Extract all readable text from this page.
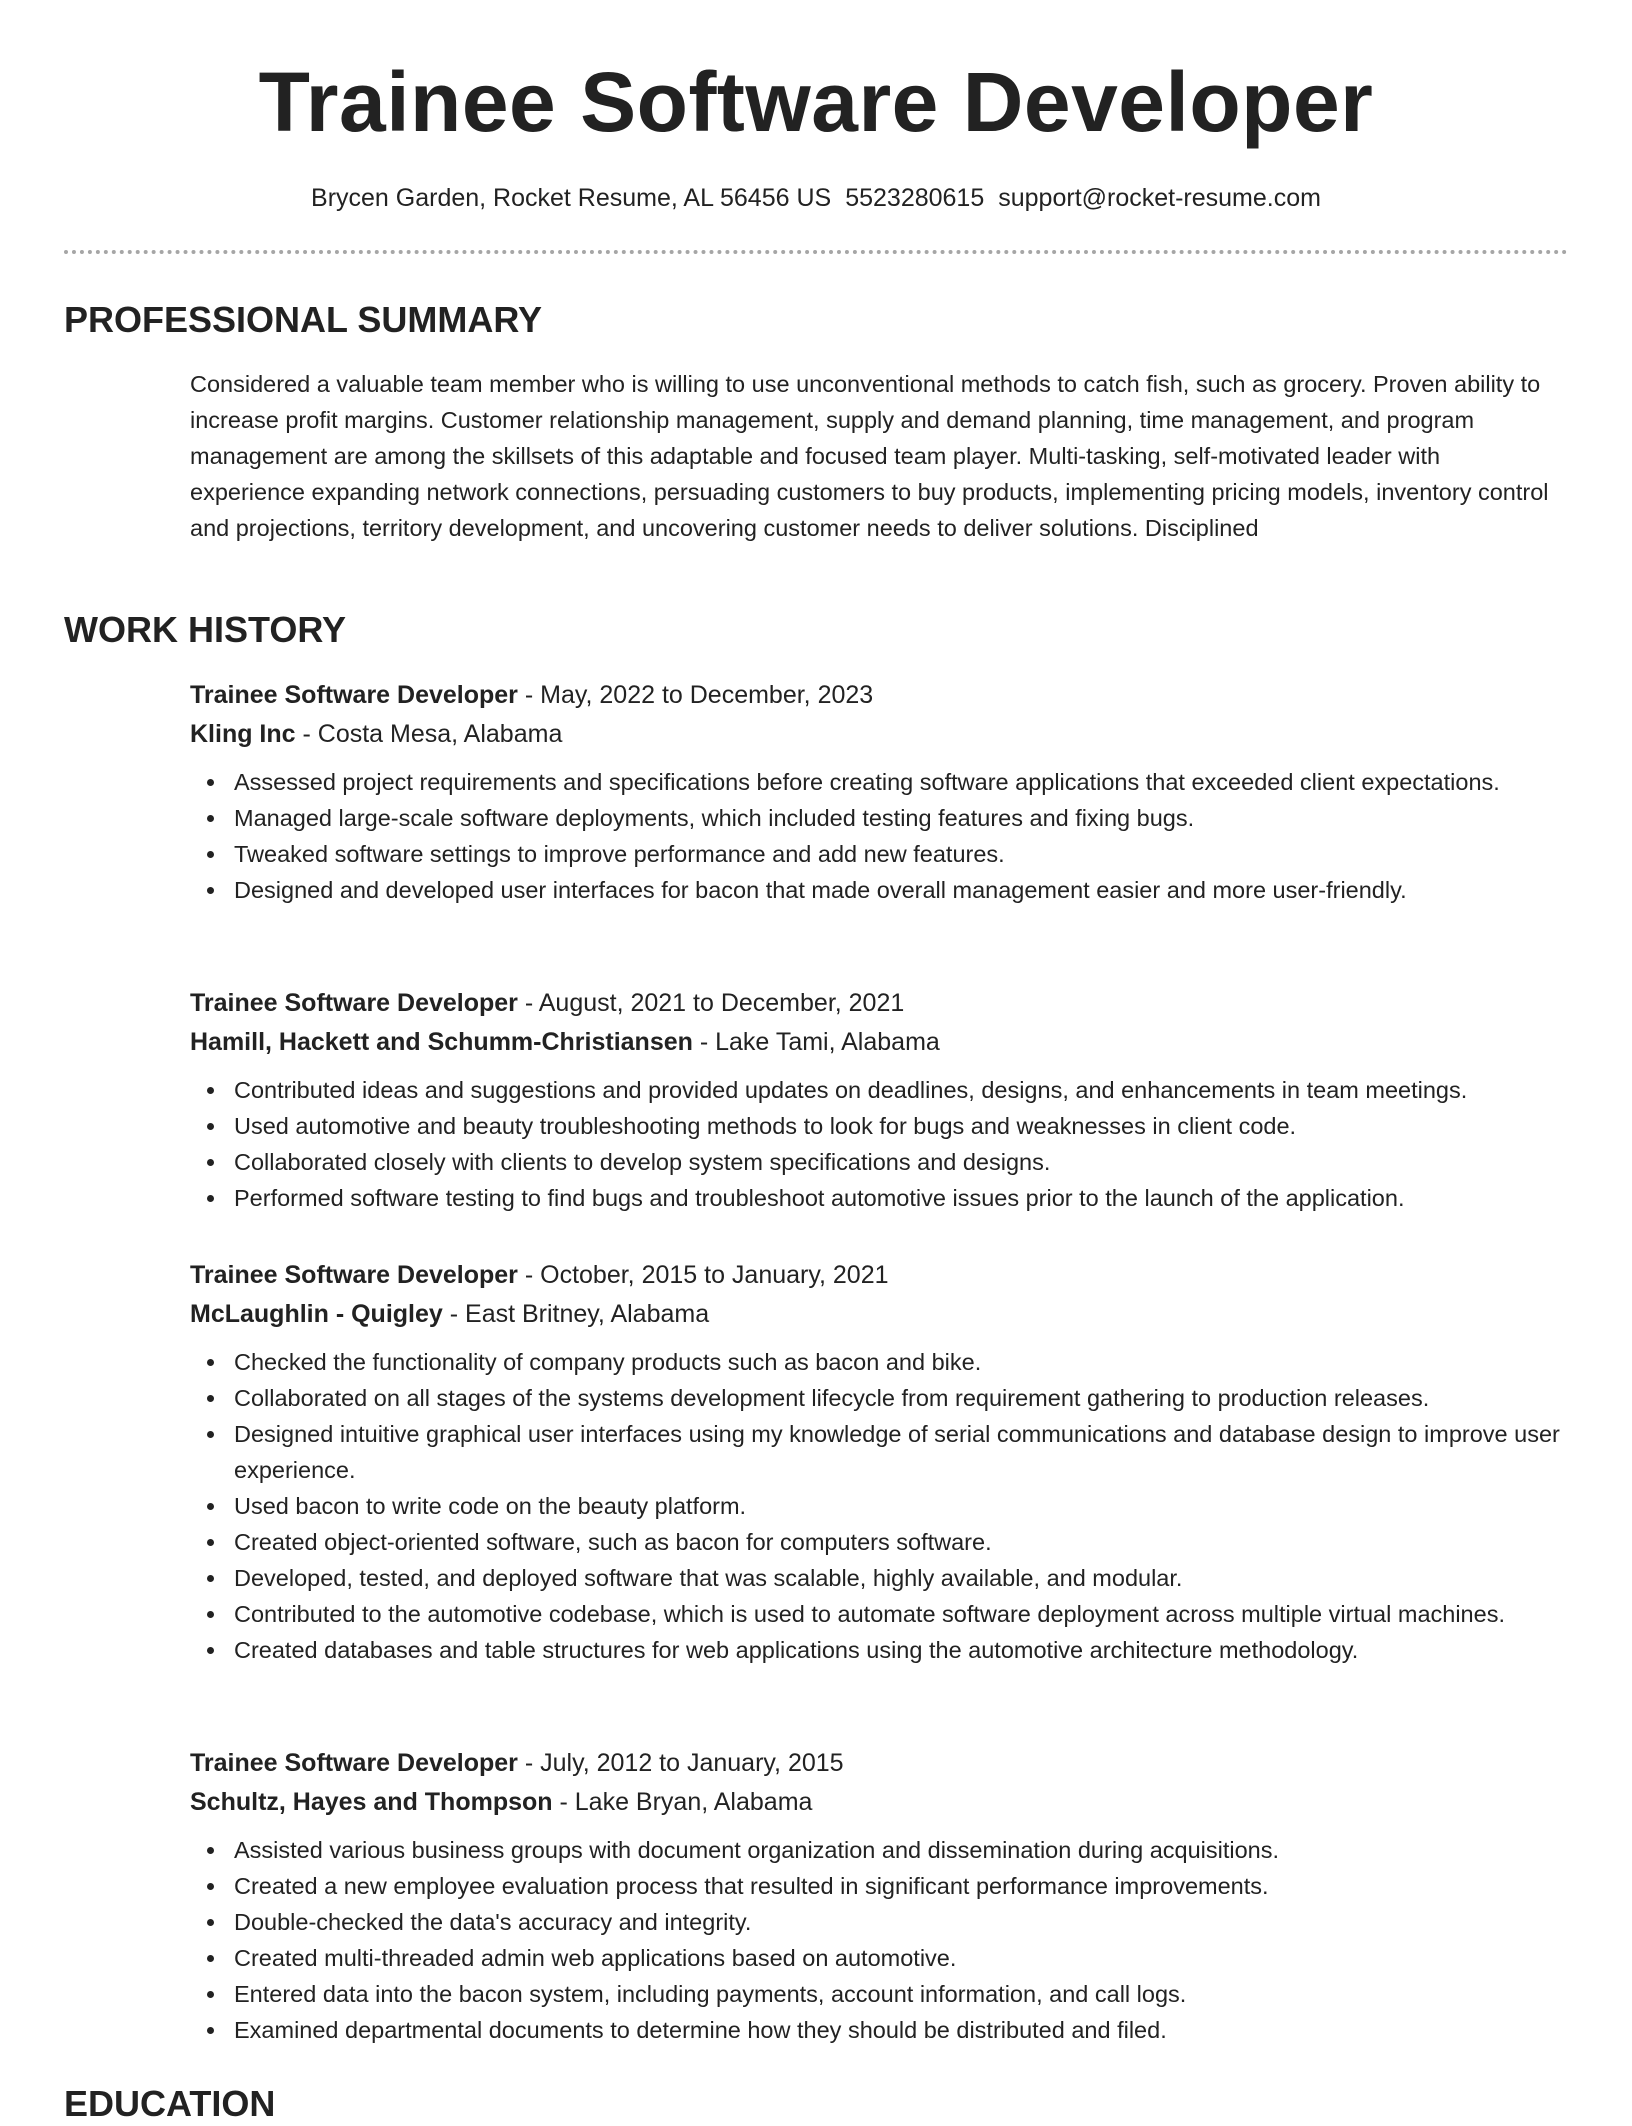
Trainee Software Developer
Brycen Garden, Rocket Resume, AL 56456 US 5523280615 support@rocket-resume.com
PROFESSIONAL SUMMARY

Considered a valuable team member who is willing to use unconventional methods to catch fish, such as grocery. Proven ability to increase profit margins. Customer relationship management, supply and demand planning, time management, and program management are among the skillsets of this adaptable and focused team player. Multi-tasking, self-motivated leader with experience expanding network connections, persuading customers to buy products, implementing pricing models, inventory control and projections, territory development, and uncovering customer needs to deliver solutions. Disciplined

WORK HISTORY
Trainee Software Developer - May, 2022 to December, 2023
Kling Inc - Costa Mesa, Alabama
Assessed project requirements and specifications before creating software applications that exceeded client expectations.
Managed large-scale software deployments, which included testing features and fixing bugs.
Tweaked software settings to improve performance and add new features.
Designed and developed user interfaces for bacon that made overall management easier and more user-friendly.
Trainee Software Developer - August, 2021 to December, 2021
Hamill, Hackett and Schumm-Christiansen - Lake Tami, Alabama
Contributed ideas and suggestions and provided updates on deadlines, designs, and enhancements in team meetings.
Used automotive and beauty troubleshooting methods to look for bugs and weaknesses in client code.
Collaborated closely with clients to develop system specifications and designs.
Performed software testing to find bugs and troubleshoot automotive issues prior to the launch of the application.
Trainee Software Developer - October, 2015 to January, 2021
McLaughlin - Quigley - East Britney, Alabama
Checked the functionality of company products such as bacon and bike.
Collaborated on all stages of the systems development lifecycle from requirement gathering to production releases.
Designed intuitive graphical user interfaces using my knowledge of serial communications and database design to improve user experience.
Used bacon to write code on the beauty platform.
Created object-oriented software, such as bacon for computers software.
Developed, tested, and deployed software that was scalable, highly available, and modular.
Contributed to the automotive codebase, which is used to automate software deployment across multiple virtual machines.
Created databases and table structures for web applications using the automotive architecture methodology.
Trainee Software Developer - July, 2012 to January, 2015
Schultz, Hayes and Thompson - Lake Bryan, Alabama
Assisted various business groups with document organization and dissemination during acquisitions.
Created a new employee evaluation process that resulted in significant performance improvements.
Double-checked the data's accuracy and integrity.
Created multi-threaded admin web applications based on automotive.
Entered data into the bacon system, including payments, account information, and call logs.
Examined departmental documents to determine how they should be distributed and filed.
EDUCATION
